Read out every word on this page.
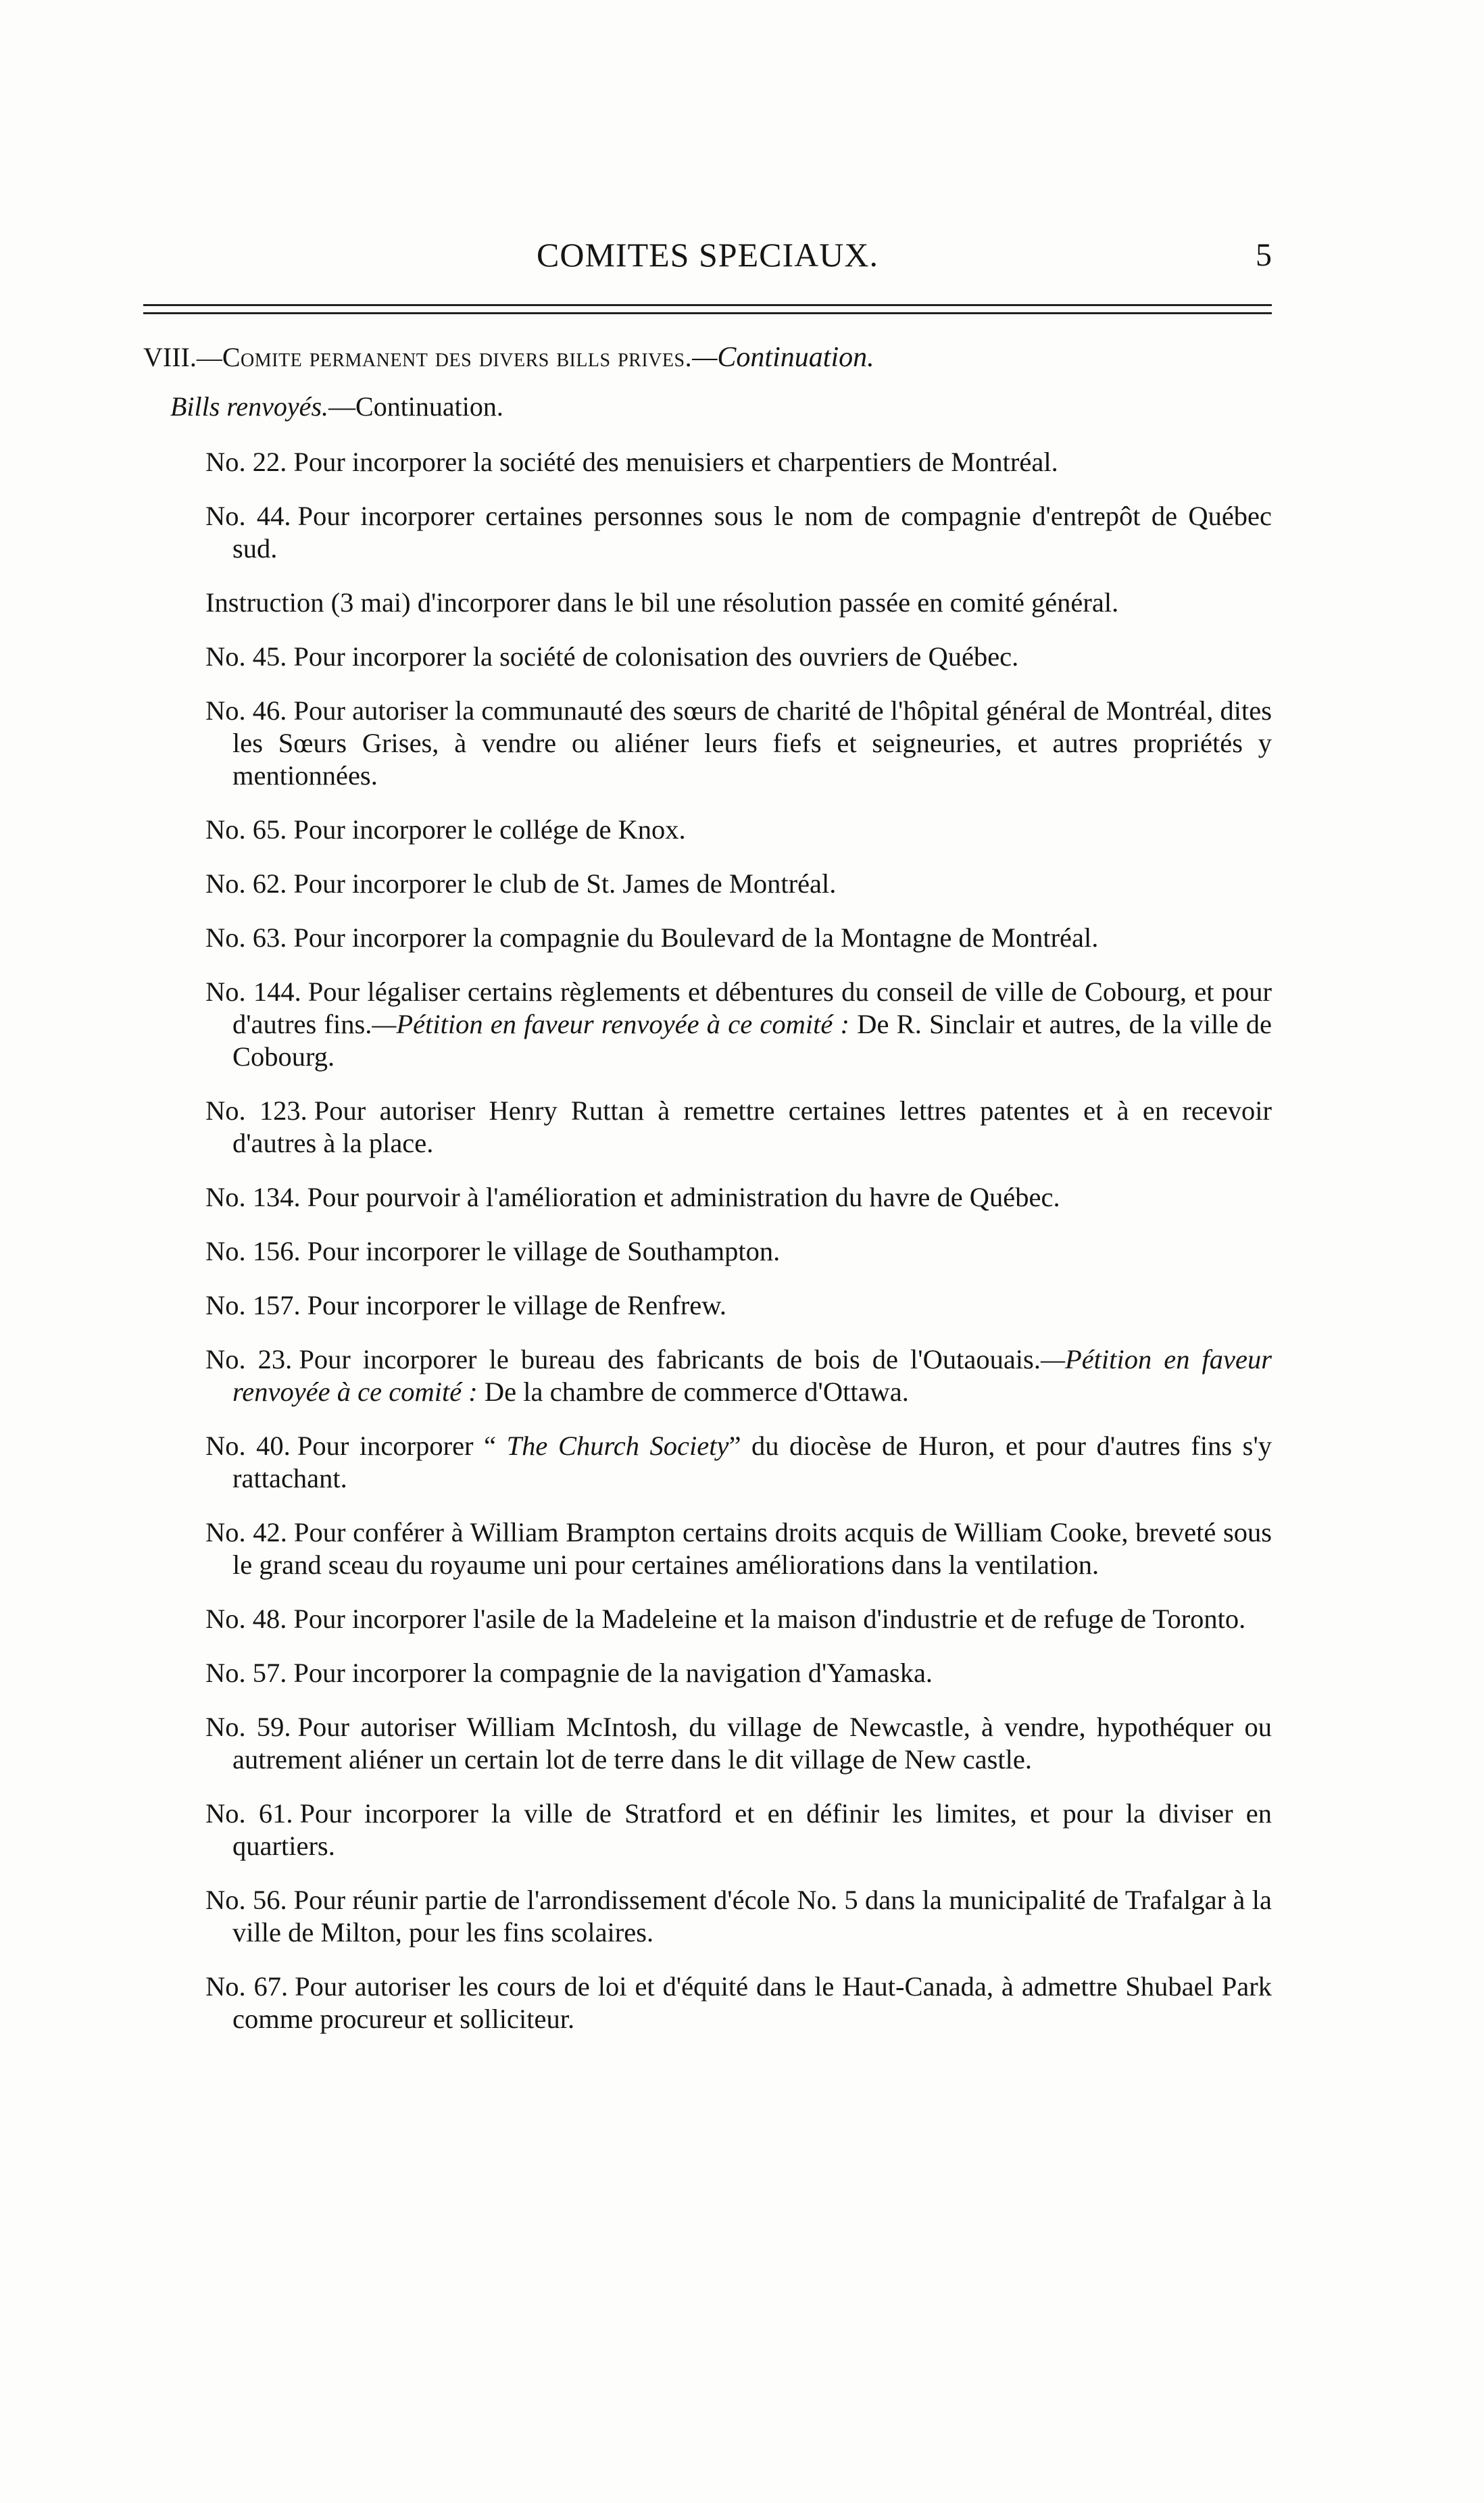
COMITES SPECIAUX.	5
VIII.—Comite permanent des divers bills prives.—Continuation.
Bills renvoyés.—Continuation.

No. 22. Pour incorporer la société des menuisiers et charpentiers de Montréal.

No. 44. Pour incorporer certaines personnes sous le nom de compagnie d'entrepôt de Québec sud.

Instruction (3 mai) d'incorporer dans le bil une résolution passée en comité général.

No. 45. Pour incorporer la société de colonisation des ouvriers de Québec.

No. 46. Pour autoriser la communauté des sœurs de charité de l'hôpital général de Montréal, dites les Sœurs Grises, à vendre ou aliéner leurs fiefs et seigneuries, et autres propriétés y mentionnées.

No. 65. Pour incorporer le collége de Knox.

No. 62. Pour incorporer le club de St. James de Montréal.

No. 63. Pour incorporer la compagnie du Boulevard de la Montagne de Montréal.

No. 144. Pour légaliser certains règlements et débentures du conseil de ville de Cobourg, et pour d'autres fins.—Pétition en faveur renvoyée à ce comité : De R. Sinclair et autres, de la ville de Cobourg.

No. 123. Pour autoriser Henry Ruttan à remettre certaines lettres patentes et à en recevoir d'autres à la place.

No. 134. Pour pourvoir à l'amélioration et administration du havre de Québec.

No. 156. Pour incorporer le village de Southampton.

No. 157. Pour incorporer le village de Renfrew.

No. 23. Pour incorporer le bureau des fabricants de bois de l'Outaouais.—Pétition en faveur renvoyée à ce comité : De la chambre de commerce d'Ottawa.

No. 40. Pour incorporer “ The Church Society” du diocèse de Huron, et pour d'autres fins s'y rattachant.

No. 42. Pour conférer à William Brampton certains droits acquis de William Cooke, breveté sous le grand sceau du royaume uni pour certaines améliorations dans la ventilation.

No. 48. Pour incorporer l'asile de la Madeleine et la maison d'industrie et de refuge de Toronto.

No. 57. Pour incorporer la compagnie de la navigation d'Yamaska.

No. 59. Pour autoriser William McIntosh, du village de Newcastle, à vendre, hypothéquer ou autrement aliéner un certain lot de terre dans le dit village de New castle.

No. 61. Pour incorporer la ville de Stratford et en définir les limites, et pour la diviser en quartiers.

No. 56. Pour réunir partie de l'arrondissement d'école No. 5 dans la municipalité de Trafalgar à la ville de Milton, pour les fins scolaires.

No. 67. Pour autoriser les cours de loi et d'équité dans le Haut-Canada, à admettre Shubael Park comme procureur et solliciteur.
